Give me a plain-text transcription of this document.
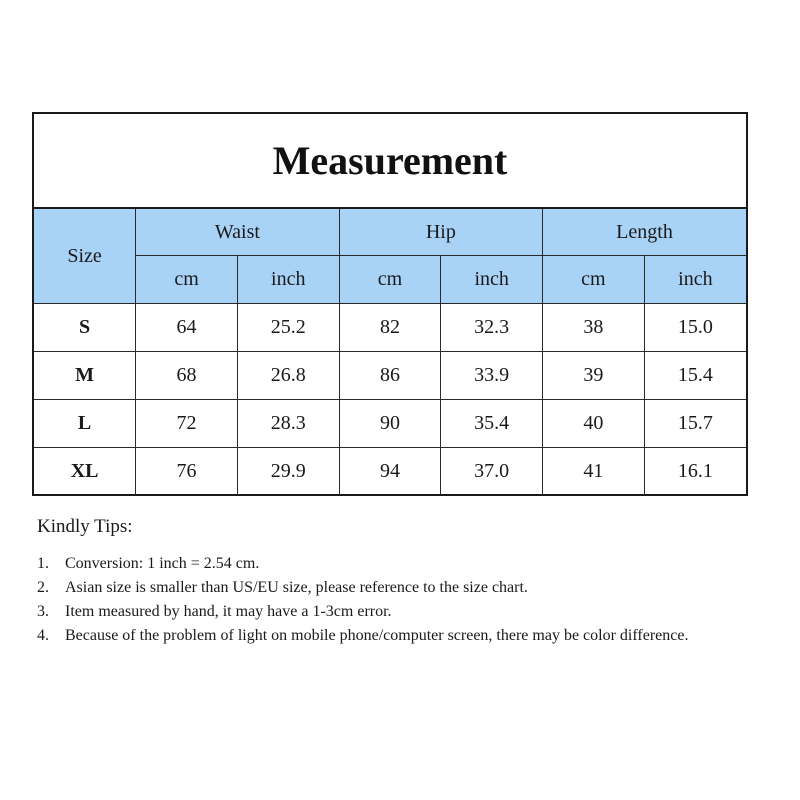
Measurement
Size	Waist		Hip		Length	
	cm	inch	cm	inch	cm	inch
S	64	25.2	82	32.3	38	15.0
M	68	26.8	86	33.9	39	15.4
L	72	28.3	90	35.4	40	15.7
XL	76	29.9	94	37.0	41	16.1

Kindly Tips:

1. Conversion: 1 inch = 2.54 cm.
2. Asian size is smaller than US/EU size, please reference to the size chart.
3. Item measured by hand, it may have a 1-3cm error.
4. Because of the problem of light on mobile phone/computer screen, there may be color difference.
